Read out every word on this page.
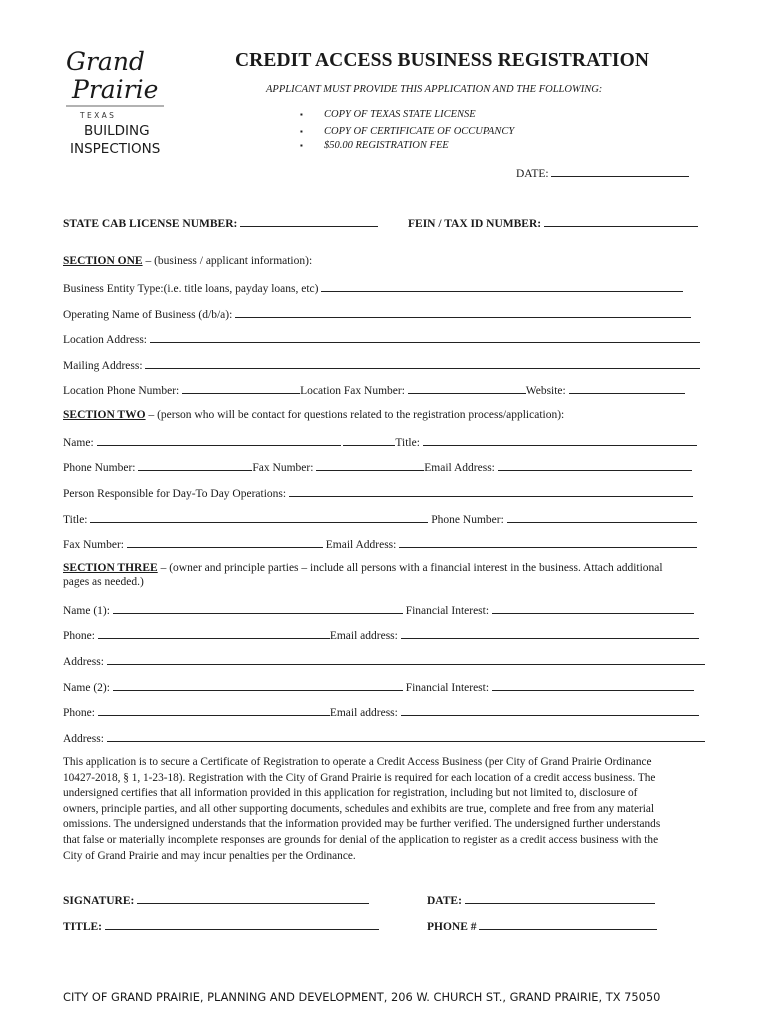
Grand
Prairie
T E X A S
BUILDING
INSPECTIONS
CREDIT ACCESS BUSINESS REGISTRATION
APPLICANT MUST PROVIDE THIS APPLICATION AND THE FOLLOWING:
▪ COPY OF TEXAS STATE LICENSE
▪ COPY OF CERTIFICATE OF OCCUPANCY
▪ $50.00 REGISTRATION FEE
DATE:
STATE CAB LICENSE NUMBER:	FEIN / TAX ID NUMBER:
SECTION ONE – (business / applicant information):
Business Entity Type:(i.e. title loans, payday loans, etc)
Operating Name of Business (d/b/a):
Location Address:
Mailing Address:
Location Phone Number:	Location Fax Number:	Website:
SECTION TWO – (person who will be contact for questions related to the registration process/application):
Name:	Title:
Phone Number:	Fax Number:	Email Address:
Person Responsible for Day-To Day Operations:
Title:	Phone Number:
Fax Number:	Email Address:
SECTION THREE – (owner and principle parties – include all persons with a financial interest in the business. Attach additional
pages as needed.)
Name (1):	Financial Interest:
Phone:	Email address:
Address:
Name (2):	Financial Interest:
Phone:	Email address:
Address:
This application is to secure a Certificate of Registration to operate a Credit Access Business (per City of Grand Prairie Ordinance
10427-2018, § 1, 1-23-18). Registration with the City of Grand Prairie is required for each location of a credit access business. The
undersigned certifies that all information provided in this application for registration, including but not limited to, disclosure of
owners, principle parties, and all other supporting documents, schedules and exhibits are true, complete and free from any material
omissions. The undersigned understands that the information provided may be further verified. The undersigned further understands
that false or materially incomplete responses are grounds for denial of the application to register as a credit access business with the
City of Grand Prairie and may incur penalties per the Ordinance.
SIGNATURE:	DATE:
TITLE:	PHONE #
CITY OF GRAND PRAIRIE, PLANNING AND DEVELOPMENT, 206 W. CHURCH ST., GRAND PRAIRIE, TX 75050
